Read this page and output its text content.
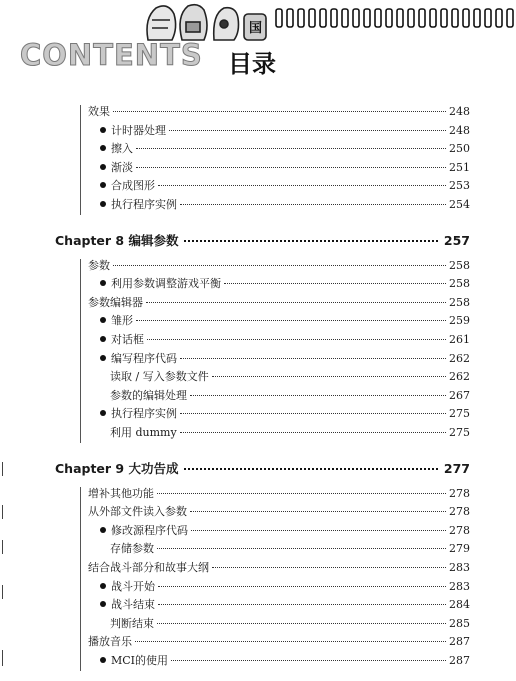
国
CONTENTS 目录
效果	248
计时器处理	248
擦入	250
渐淡	251
合成图形	253
执行程序实例	254
Chapter 8 编辑参数	257
参数	258
利用参数调整游戏平衡	258
参数编辑器	258
雏形	259
对话框	261
编写程序代码	262
读取 / 写入参数文件	262
参数的编辑处理	267
执行程序实例	275
利用 dummy	275
Chapter 9 大功告成	277
增补其他功能	278
从外部文件读入参数	278
修改源程序代码	278
存储参数	279
结合战斗部分和故事大纲	283
战斗开始	283
战斗结束	284
判断结束	285
播放音乐	287
MCI的使用	287
